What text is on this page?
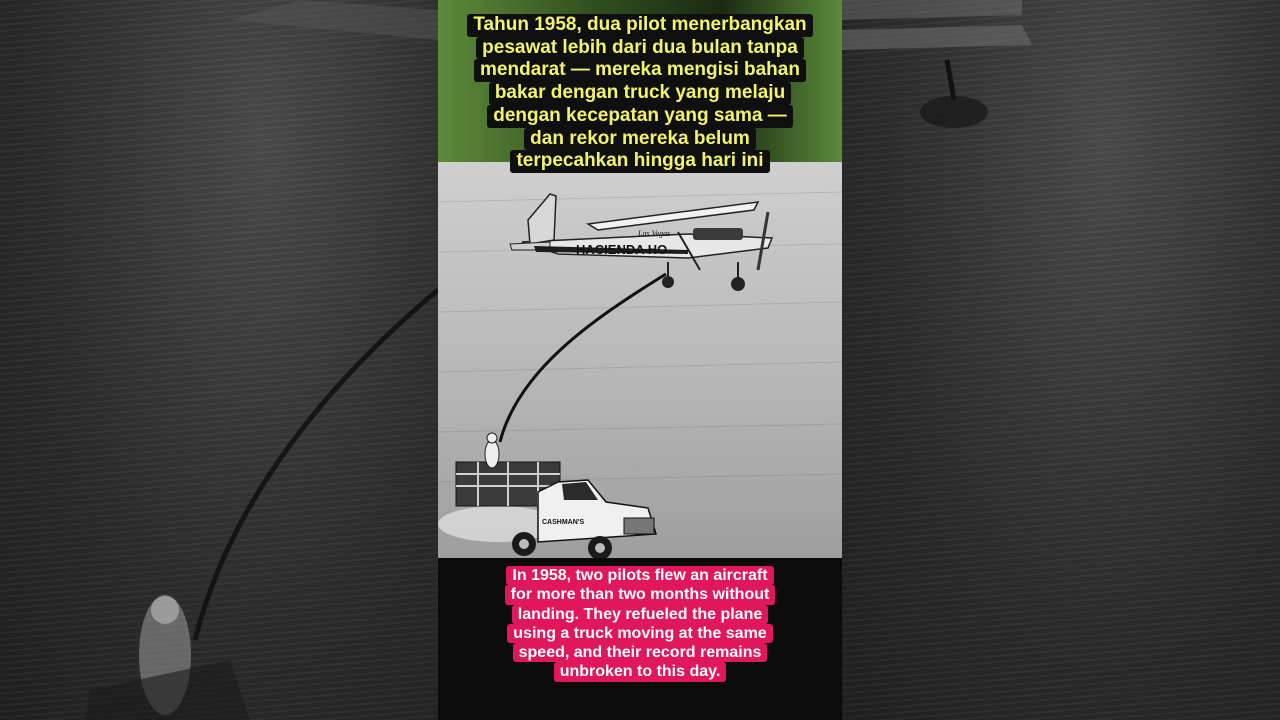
HACIENDA HO
Las Vegas
CASHMAN'S
Tahun 1958, dua pilot menerbangkan
pesawat lebih dari dua bulan tanpa
mendarat — mereka mengisi bahan
bakar dengan truck yang melaju
dengan kecepatan yang sama —
dan rekor mereka belum
terpecahkan hingga hari ini
In 1958, two pilots flew an aircraft
for more than two months without
landing. They refueled the plane
using a truck moving at the same
speed, and their record remains
unbroken to this day.
